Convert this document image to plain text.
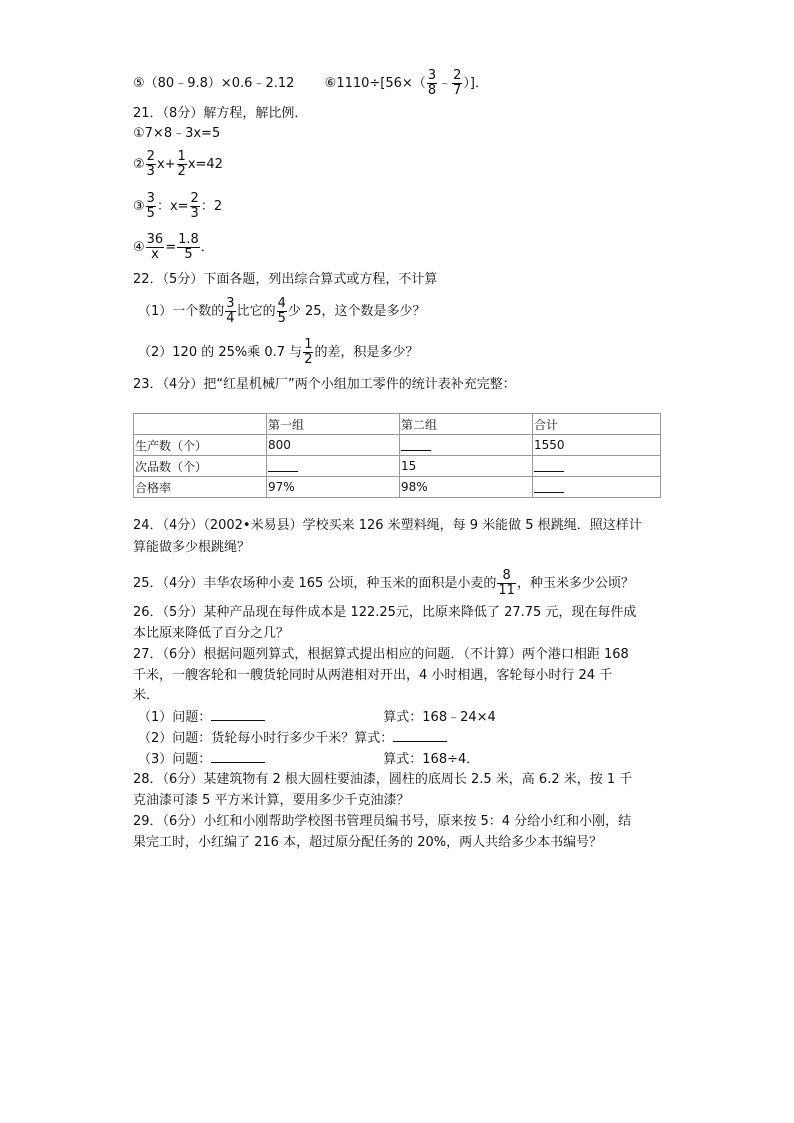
⑤（80﹣9.8）×0.6﹣2.12 ⑥1110÷[56×（ $\frac{3}{8}$ ﹣ $\frac{2}{7}$ ）]．
21．（8分）解方程，解比例．
①7×8﹣3x=5
② $\frac{2}{3} x+ \frac{1}{2} x=42$
③ $\frac{3}{5}$ ：$x= \frac{2}{3}$ ：2
④ $\frac{36}{x} = \frac{1.8}{5}$ ．
22．（5分）下面各题，列出综合算式或方程，不计算
（1）一个数的 $\frac{3}{4}$ 比它的 $\frac{4}{5}$ 少 25，这个数是多少？
（2）120 的 25%乘 0.7 与 $\frac{1}{2}$ 的差，积是多少？
23．（4分）把“红星机械厂”两个小组加工零件的统计表补充完整：
	第一组	第二组	合计
生产数（个）	800		1550
次品数（个）		15	
合格率	97%	98%	
24．（4分）（2002•米易县）学校买来 126 米塑料绳，每 9 米能做 5 根跳绳．照这样计
算能做多少根跳绳？
25．（4分）丰华农场种小麦 165 公顷，种玉米的面积是小麦的 $\frac{8}{11}$ ，种玉米多少公顷？
26．（5分）某种产品现在每件成本是 122.25元，比原来降低了 27.75 元，现在每件成
本比原来降低了百分之几？
27．（6分）根据问题列算式，根据算式提出相应的问题．（不计算）两个港口相距 168
千米，一艘客轮和一艘货轮同时从两港相对开出，4 小时相遇，客轮每小时行 24 千
米．
（1）问题：	算式：168﹣24×4
（2）问题：货轮每小时行多少千米？算式：
（3）问题：	算式：168÷4．
28．（6分）某建筑物有 2 根大圆柱要油漆，圆柱的底周长 2.5 米，高 6.2 米，按 1 千
克油漆可漆 5 平方米计算，要用多少千克油漆？
29．（6分）小红和小刚帮助学校图书管理员编书号，原来按 5：4 分给小红和小刚，结
果完工时，小红编了 216 本，超过原分配任务的 20%，两人共给多少本书编号？
